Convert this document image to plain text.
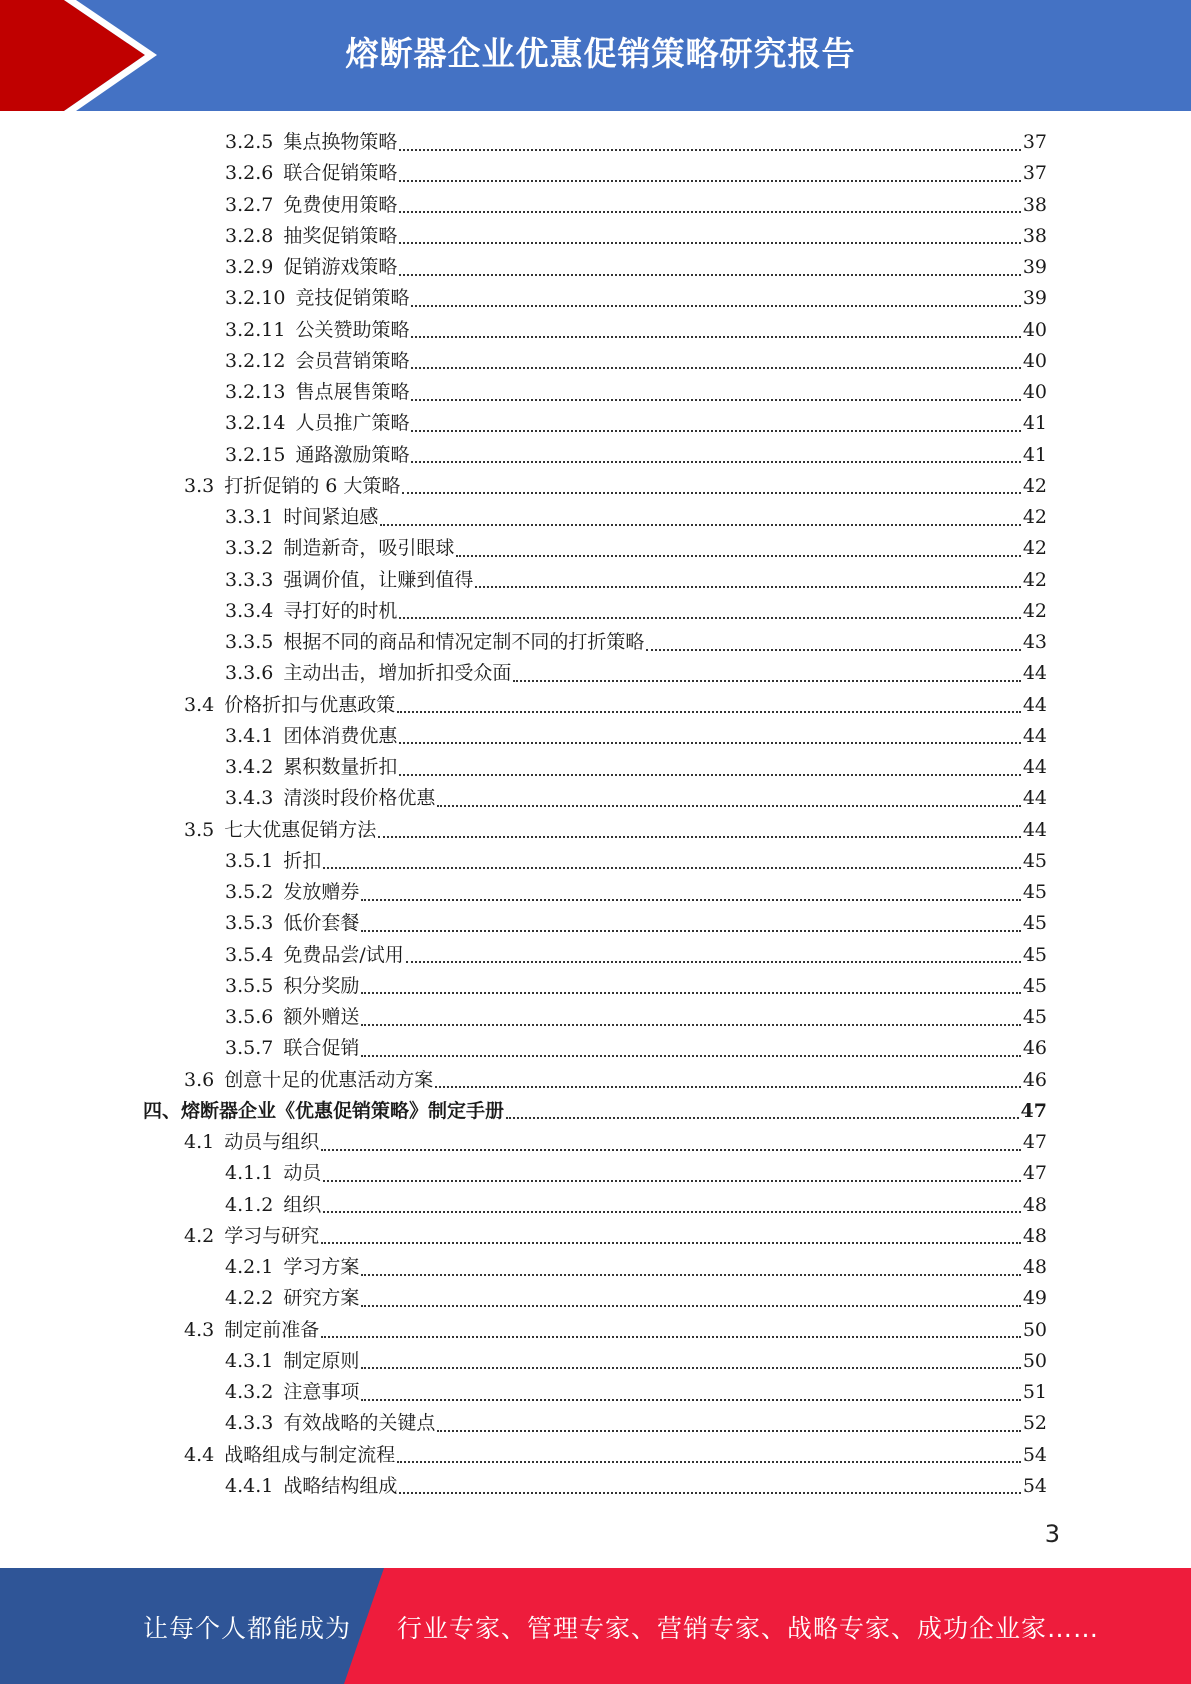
熔断器企业优惠促销策略研究报告
3.2.5 集点换物策略	37
3.2.6 联合促销策略	37
3.2.7 免费使用策略	38
3.2.8 抽奖促销策略	38
3.2.9 促销游戏策略	39
3.2.10 竞技促销策略	39
3.2.11 公关赞助策略	40
3.2.12 会员营销策略	40
3.2.13 售点展售策略	40
3.2.14 人员推广策略	41
3.2.15 通路激励策略	41
3.3 打折促销的 6 大策略	42
3.3.1 时间紧迫感	42
3.3.2 制造新奇，吸引眼球	42
3.3.3 强调价值，让赚到值得	42
3.3.4 寻打好的时机	42
3.3.5 根据不同的商品和情况定制不同的打折策略	43
3.3.6 主动出击，增加折扣受众面	44
3.4 价格折扣与优惠政策	44
3.4.1 团体消费优惠	44
3.4.2 累积数量折扣	44
3.4.3 清淡时段价格优惠	44
3.5 七大优惠促销方法	44
3.5.1 折扣	45
3.5.2 发放赠券	45
3.5.3 低价套餐	45
3.5.4 免费品尝/试用	45
3.5.5 积分奖励	45
3.5.6 额外赠送	45
3.5.7 联合促销	46
3.6 创意十足的优惠活动方案	46
四、熔断器企业《优惠促销策略》制定手册	47
4.1 动员与组织	47
4.1.1 动员	47
4.1.2 组织	48
4.2 学习与研究	48
4.2.1 学习方案	48
4.2.2 研究方案	49
4.3 制定前准备	50
4.3.1 制定原则	50
4.3.2 注意事项	51
4.3.3 有效战略的关键点	52
4.4 战略组成与制定流程	54
4.4.1 战略结构组成	54
3
让每个人都能成为 行业专家、管理专家、营销专家、战略专家、成功企业家……
